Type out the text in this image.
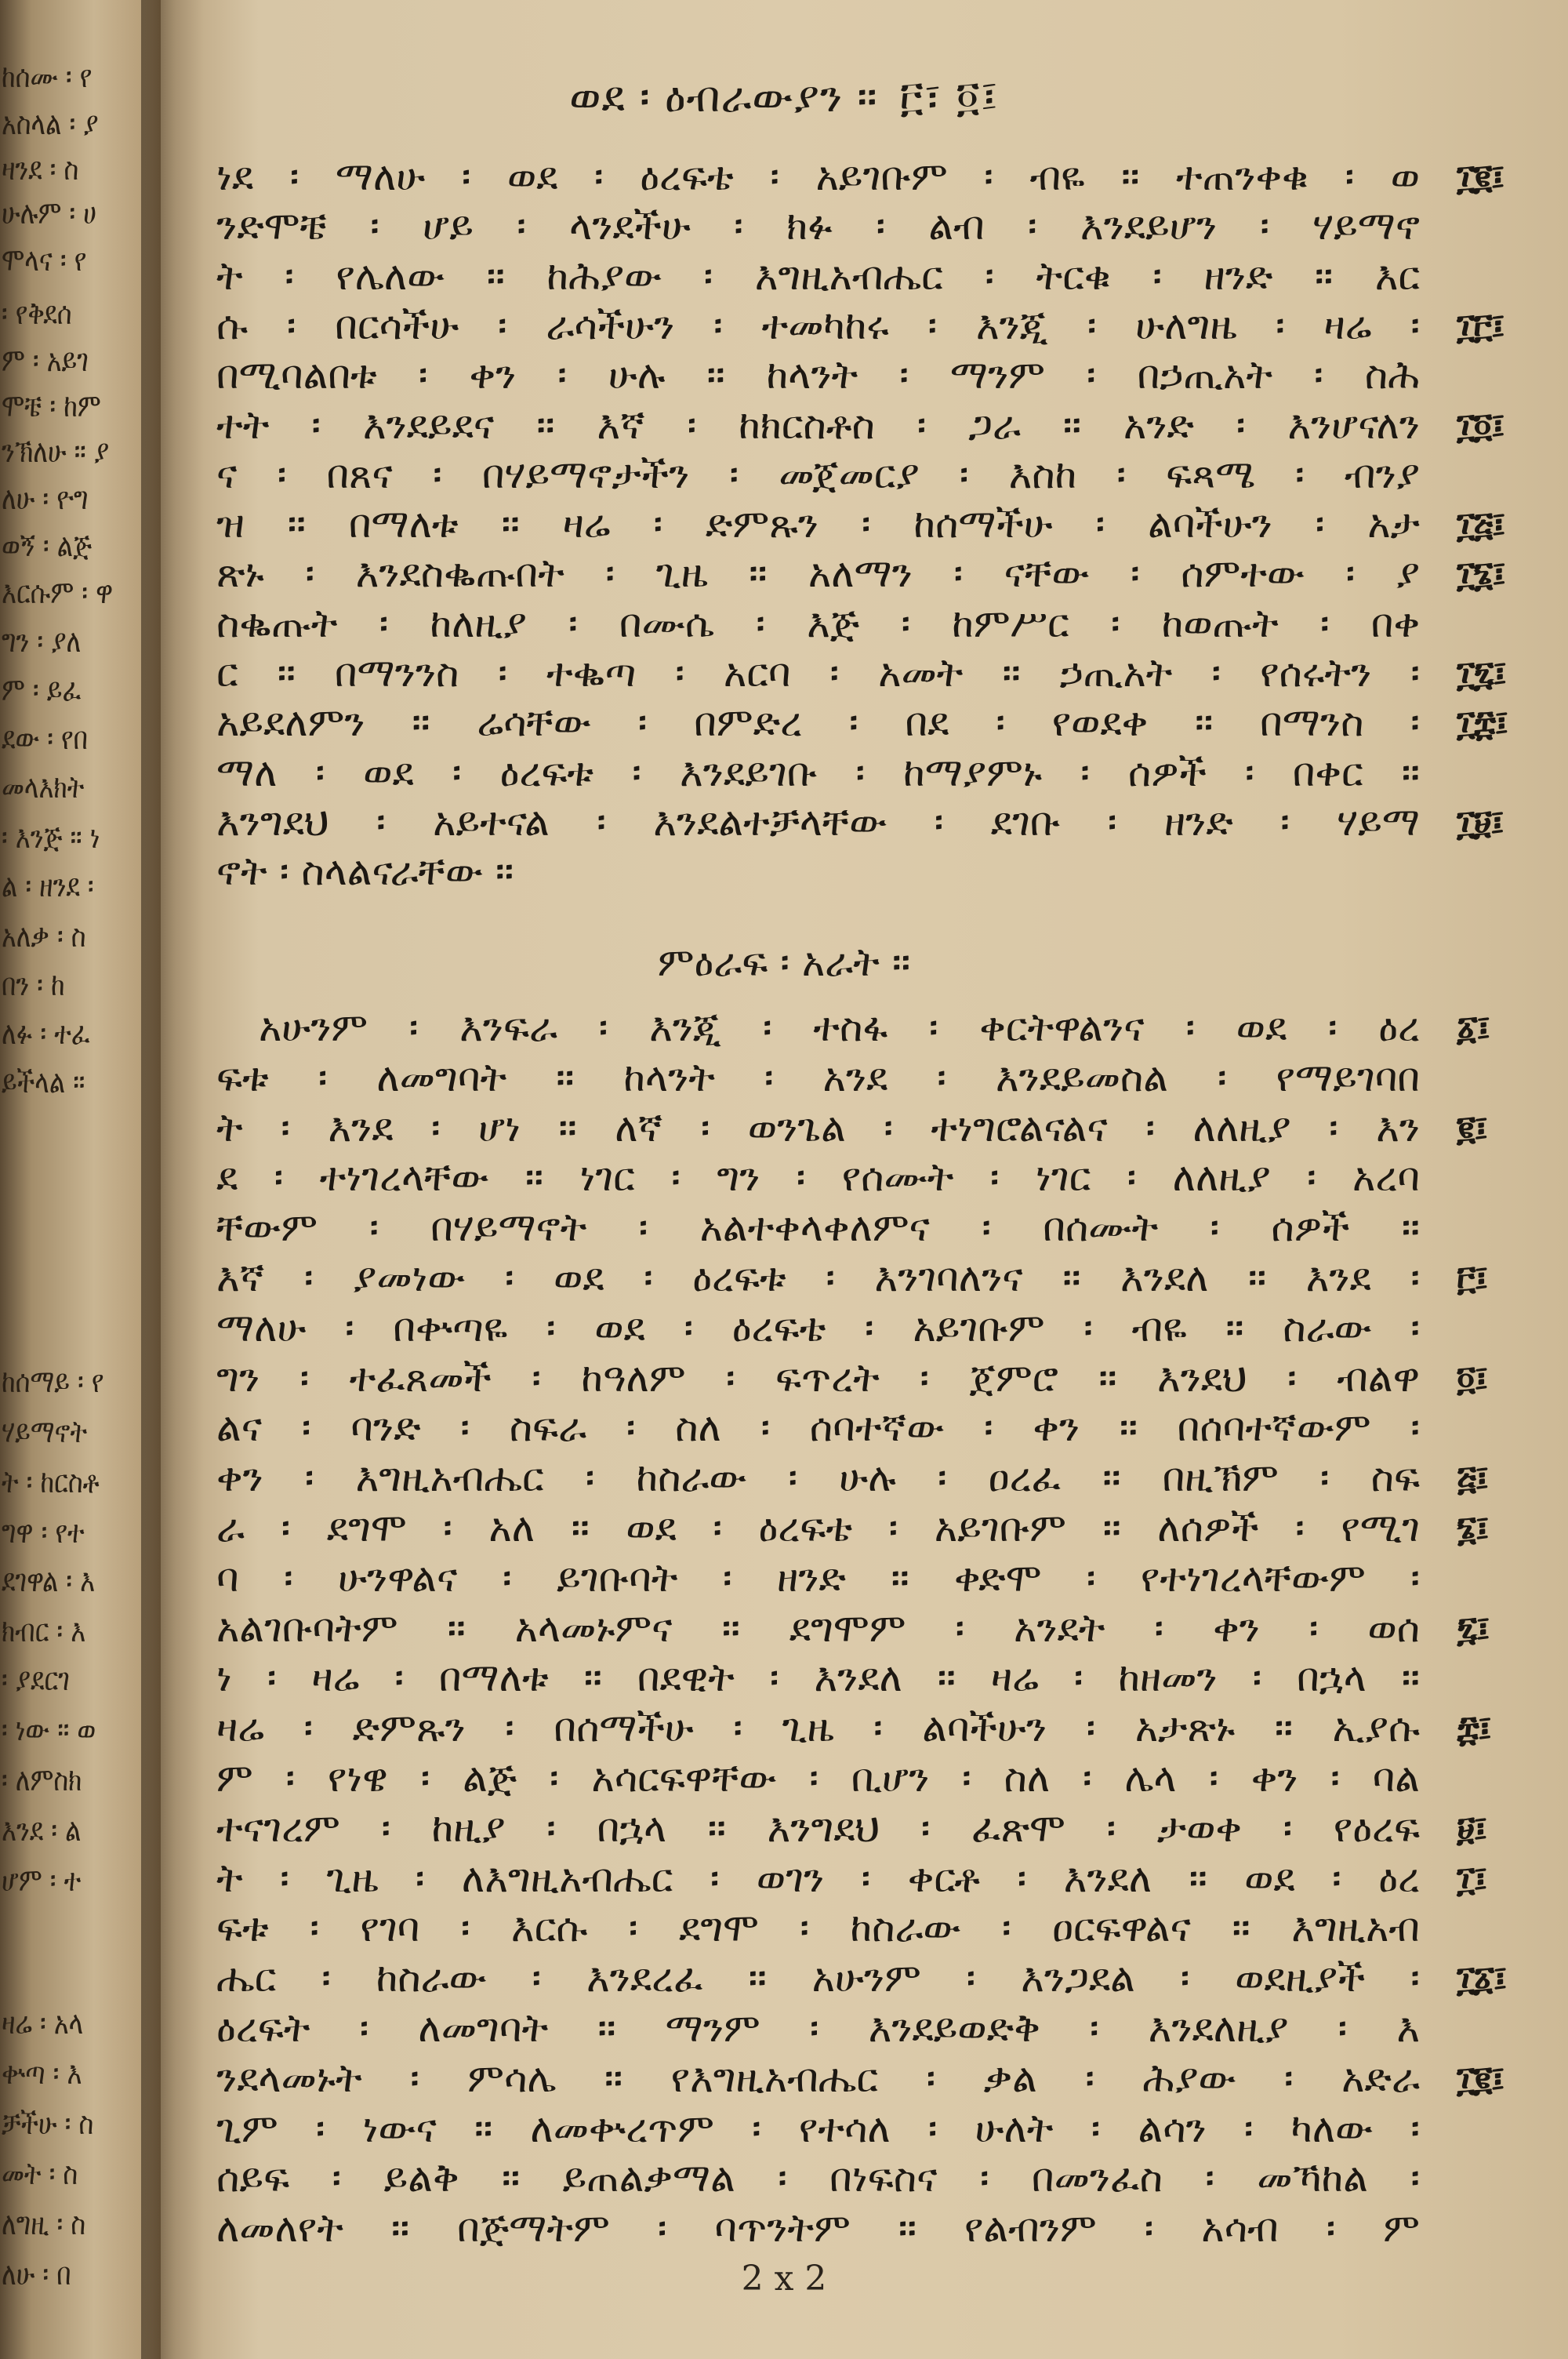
ከሰሙ ፡ የ
አስላል ፡ ያ
ዛንደ ፡ ስ
ሁሉም ፡ ሀ
ሞላና ፡ የ
፡ የቅደሰ
ም ፡ አይገ
ሞቼ ፡ ከም
ንኽለሁ ። ያ
ለሁ ፡ ዮግ
ወኝ ፡ ልጅ
እርሱም ፡ ዋ
ግን ፡ ያለ
ም ፡ ይፈ
ደው ፡ የበ
መላእክት
፡ እንጅ ። ነ
ል ፡ ዘንደ ፡
አለቃ ፡ ስ
በን ፡ ከ
ለፉ ፡ ተፈ
ይችላል ።
ከሰማይ ፡ የ
ሃይማኖት
ት ፡ ከርስቶ
ግዋ ፡ የተ
ደገዋል ፡ እ
ክብር ፡ እ
፡ ያደርገ
፡ ነው ። ወ
፡ ለምስክ
እንደ ፡ ል
ሆም ፡ ተ
ዛሬ ፡ አላ
ቍጣ ፡ እ
ቻችሁ ፡ ስ
መት ፡ ስ
ለግዚ ፡ ስ
ለሁ ፡ በ
ወደ ፡ ዕብራውያን ። ፫፣ ፬፤
ነደ ፡ ማለሁ ፡ ወደ ፡ ዕረፍቴ ፡ አይገቡም ፡ ብዬ ። ተጠንቀቁ ፡ ወ ፲፪፤
ንድሞቼ ፡ ሆይ ፡ ላንደችሁ ፡ ክፉ ፡ ልብ ፡ እንደይሆን ፡ ሃይማኖ
ት ፡ የሌለው ። ከሕያው ፡ እግዚአብሔር ፡ ትርቁ ፡ ዘንድ ። እር
ሱ ፡ በርሳችሁ ፡ ራሳችሁን ፡ ተመካከሩ ፡ እንጂ ፡ ሁለግዜ ፡ ዛሬ ፡ ፲፫፤
በሚባልበቱ ፡ ቀን ፡ ሁሉ ። ከላንት ፡ ማንም ፡ በኃጢአት ፡ ስሕ
ተት ፡ እንደይደና ። እኛ ፡ ከክርስቶስ ፡ ጋራ ። አንድ ፡ እንሆናለን ፲፬፤
ና ፡ በጸና ፡ በሃይማኖታችን ፡ መጀመርያ ፡ እስከ ፡ ፍጻሜ ፡ ብንያ
ዝ ። በማለቱ ። ዛሬ ፡ ድምጹን ፡ ከሰማችሁ ፡ ልባችሁን ፡ አታ ፲፭፤
ጽኑ ፡ እንደስቈጡበት ፡ ጊዜ ። አለማን ፡ ናቸው ፡ ሰምተው ፡ ያ ፲፮፤
ስቈጡት ፡ ከለዚያ ፡ በሙሴ ፡ እጅ ፡ ከምሥር ፡ ከወጡት ፡ በቀ
ር ። በማንንስ ፡ ተቈጣ ፡ አርባ ፡ አመት ። ኃጢአት ፡ የሰሩትን ፡ ፲፯፤
አይደለምን ። ሬሳቸው ፡ በምድረ ፡ በደ ፡ የወደቀ ። በማንስ ፡ ፲፰፤
ማለ ፡ ወደ ፡ ዕረፍቱ ፡ እንደይገቡ ፡ ከማያምኑ ፡ ሰዎች ፡ በቀር ።
እንግደህ ፡ አይተናል ፡ እንደልተቻላቸው ፡ ደገቡ ፡ ዘንድ ፡ ሃይማ ፲፱፤
ኖት ፡ ስላልናራቸው ።
አሁንም ፡ እንፍራ ፡ እንጂ ፡ ተስፋ ፡ ቀርትዋልንና ፡ ወደ ፡ ዕረ ፩፤
ፍቱ ፡ ለመግባት ። ከላንት ፡ አንደ ፡ እንደይመስል ፡ የማይገባበ
ት ፡ እንደ ፡ ሆነ ። ለኛ ፡ ወንጌል ፡ ተነግሮልናልና ፡ ለለዚያ ፡ እን ፪፤
ደ ፡ ተነገረላቸው ። ነገር ፡ ግን ፡ የሰሙት ፡ ነገር ፡ ለለዚያ ፡ አረባ
ቸውም ፡ በሃይማኖት ፡ አልተቀላቀለምና ፡ በሰሙት ፡ ሰዎች ።
እኛ ፡ ያመነው ፡ ወደ ፡ ዕረፍቱ ፡ እንገባለንና ። እንደለ ። እንደ ፡ ፫፤
ማለሁ ፡ በቍጣዬ ፡ ወደ ፡ ዕረፍቴ ፡ አይገቡም ፡ ብዬ ። ስራው ፡
ግን ፡ ተፈጸመች ፡ ከዓለም ፡ ፍጥረት ፡ ጀምሮ ። እንደህ ፡ ብልዋ ፬፤
ልና ፡ ባንድ ፡ ስፍራ ፡ ስለ ፡ ሰባተኛው ፡ ቀን ። በሰባተኛውም ፡
ቀን ፡ እግዚአብሔር ፡ ከስራው ፡ ሁሉ ፡ ዐረፈ ። በዚኽም ፡ ስፍ ፭፤
ራ ፡ ደግሞ ፡ አለ ። ወደ ፡ ዕረፍቴ ፡ አይገቡም ። ለሰዎች ፡ የሚገ ፮፤
ባ ፡ ሁንዋልና ፡ ይገቡባት ፡ ዘንድ ። ቀድሞ ፡ የተነገረላቸውም ፡
አልገቡባትም ። አላመኑምና ። ደግሞም ፡ አንደት ፡ ቀን ፡ ወሰ ፯፤
ነ ፡ ዛሬ ፡ በማለቱ ። በደዊት ፡ እንደለ ። ዛሬ ፡ ከዘመን ፡ በኋላ ።
ዛሬ ፡ ድምጹን ፡ በሰማችሁ ፡ ጊዜ ፡ ልባችሁን ፡ አታጽኑ ። ኢያሱ ፰፤
ም ፡ የነዌ ፡ ልጅ ፡ አሳርፍዋቸው ፡ ቢሆን ፡ ስለ ፡ ሌላ ፡ ቀን ፡ ባል
ተናገረም ፡ ከዚያ ፡ በኋላ ። እንግደህ ፡ ፈጽሞ ፡ ታወቀ ፡ የዕረፍ ፱፤
ት ፡ ጊዜ ፡ ለእግዚአብሔር ፡ ወገን ፡ ቀርቶ ፡ እንደለ ። ወደ ፡ ዕረ ፲፤
ፍቱ ፡ የገባ ፡ እርሱ ፡ ደግሞ ፡ ከስራው ፡ ዐርፍዋልና ። እግዚአብ
ሔር ፡ ከስራው ፡ እንደረፈ ። አሁንም ፡ እንጋደል ፡ ወደዚያች ፡ ፲፩፤
ዕረፍት ፡ ለመግባት ። ማንም ፡ እንደይወድቅ ፡ እንደለዚያ ፡ እ
ንደላመኑት ፡ ምሳሌ ። የእግዚአብሔር ፡ ቃል ፡ ሕያው ፡ አድራ ፲፪፤
ጊም ፡ ነውና ። ለመቍረጥም ፡ የተሳለ ፡ ሁለት ፡ ልሳን ፡ ካለው ፡
ሰይፍ ፡ ይልቅ ። ይጠልቃማል ፡ በነፍስና ፡ በመንፈስ ፡ መኻከል ፡
ለመለየት ። በጅማትም ፡ ባጥንትም ። የልብንም ፡ አሳብ ፡ ም
ምዕራፍ ፡ አራት ።
2 x 2
